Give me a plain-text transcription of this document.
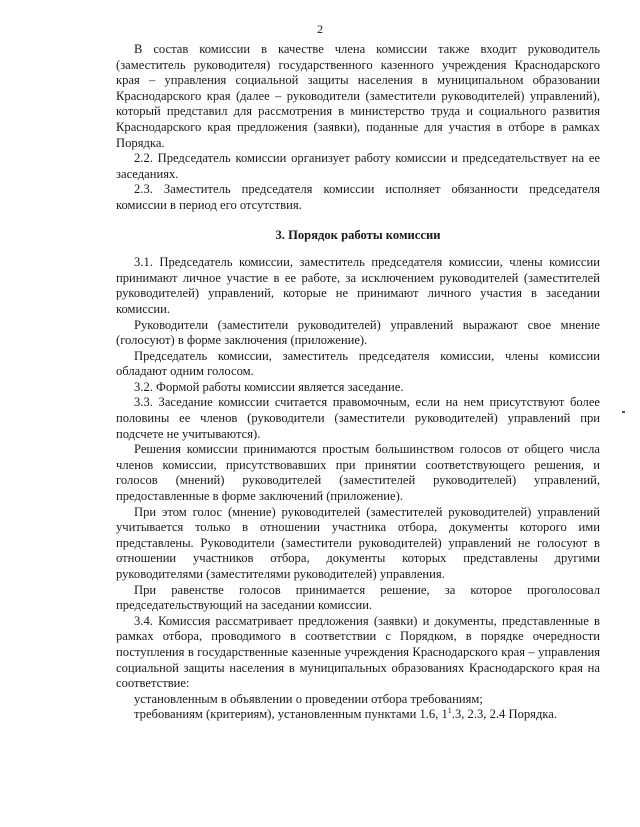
2

В состав комиссии в качестве члена комиссии также входит руководитель (заместитель руководителя) государственного казенного учреждения Краснодарского края – управления социальной защиты населения в муниципальном образовании Краснодарского края (далее – руководители (заместители руководителей) управлений), который представил для рассмотрения в министерство труда и социального развития Краснодарского края предложения (заявки), поданные для участия в отборе в рамках Порядка.

2.2. Председатель комиссии организует работу комиссии и председательствует на ее заседаниях.

2.3. Заместитель председателя комиссии исполняет обязанности председателя комиссии в период его отсутствия.

3. Порядок работы комиссии

3.1. Председатель комиссии, заместитель председателя комиссии, члены комиссии принимают личное участие в ее работе, за исключением руководителей (заместителей руководителей) управлений, которые не принимают личного участия в заседании комиссии.

Руководители (заместители руководителей) управлений выражают свое мнение (голосуют) в форме заключения (приложение).

Председатель комиссии, заместитель председателя комиссии, члены комиссии обладают одним голосом.

3.2. Формой работы комиссии является заседание.

3.3. Заседание комиссии считается правомочным, если на нем присутствуют более половины ее членов (руководители (заместители руководителей) управлений при подсчете не учитываются).

Решения комиссии принимаются простым большинством голосов от общего числа членов комиссии, присутствовавших при принятии соответствующего решения, и голосов (мнений) руководителей (заместителей руководителей) управлений, предоставленные в форме заключений (приложение).

При этом голос (мнение) руководителей (заместителей руководителей) управлений учитывается только в отношении участника отбора, документы которого ими представлены. Руководители (заместители руководителей) управлений не голосуют в отношении участников отбора, документы которых представлены другими руководителями (заместителями руководителей) управления.

При равенстве голосов принимается решение, за которое проголосовал председательствующий на заседании комиссии.

3.4. Комиссия рассматривает предложения (заявки) и документы, представленные в рамках отбора, проводимого в соответствии с Порядком, в порядке очередности поступления в государственные казенные учреждения Краснодарского края – управления социальной защиты населения в муниципальных образованиях Краснодарского края на соответствие:

установленным в объявлении о проведении отбора требованиям;

требованиям (критериям), установленным пунктами 1.6, $1^1.3$, 2.3, 2.4 Порядка.
